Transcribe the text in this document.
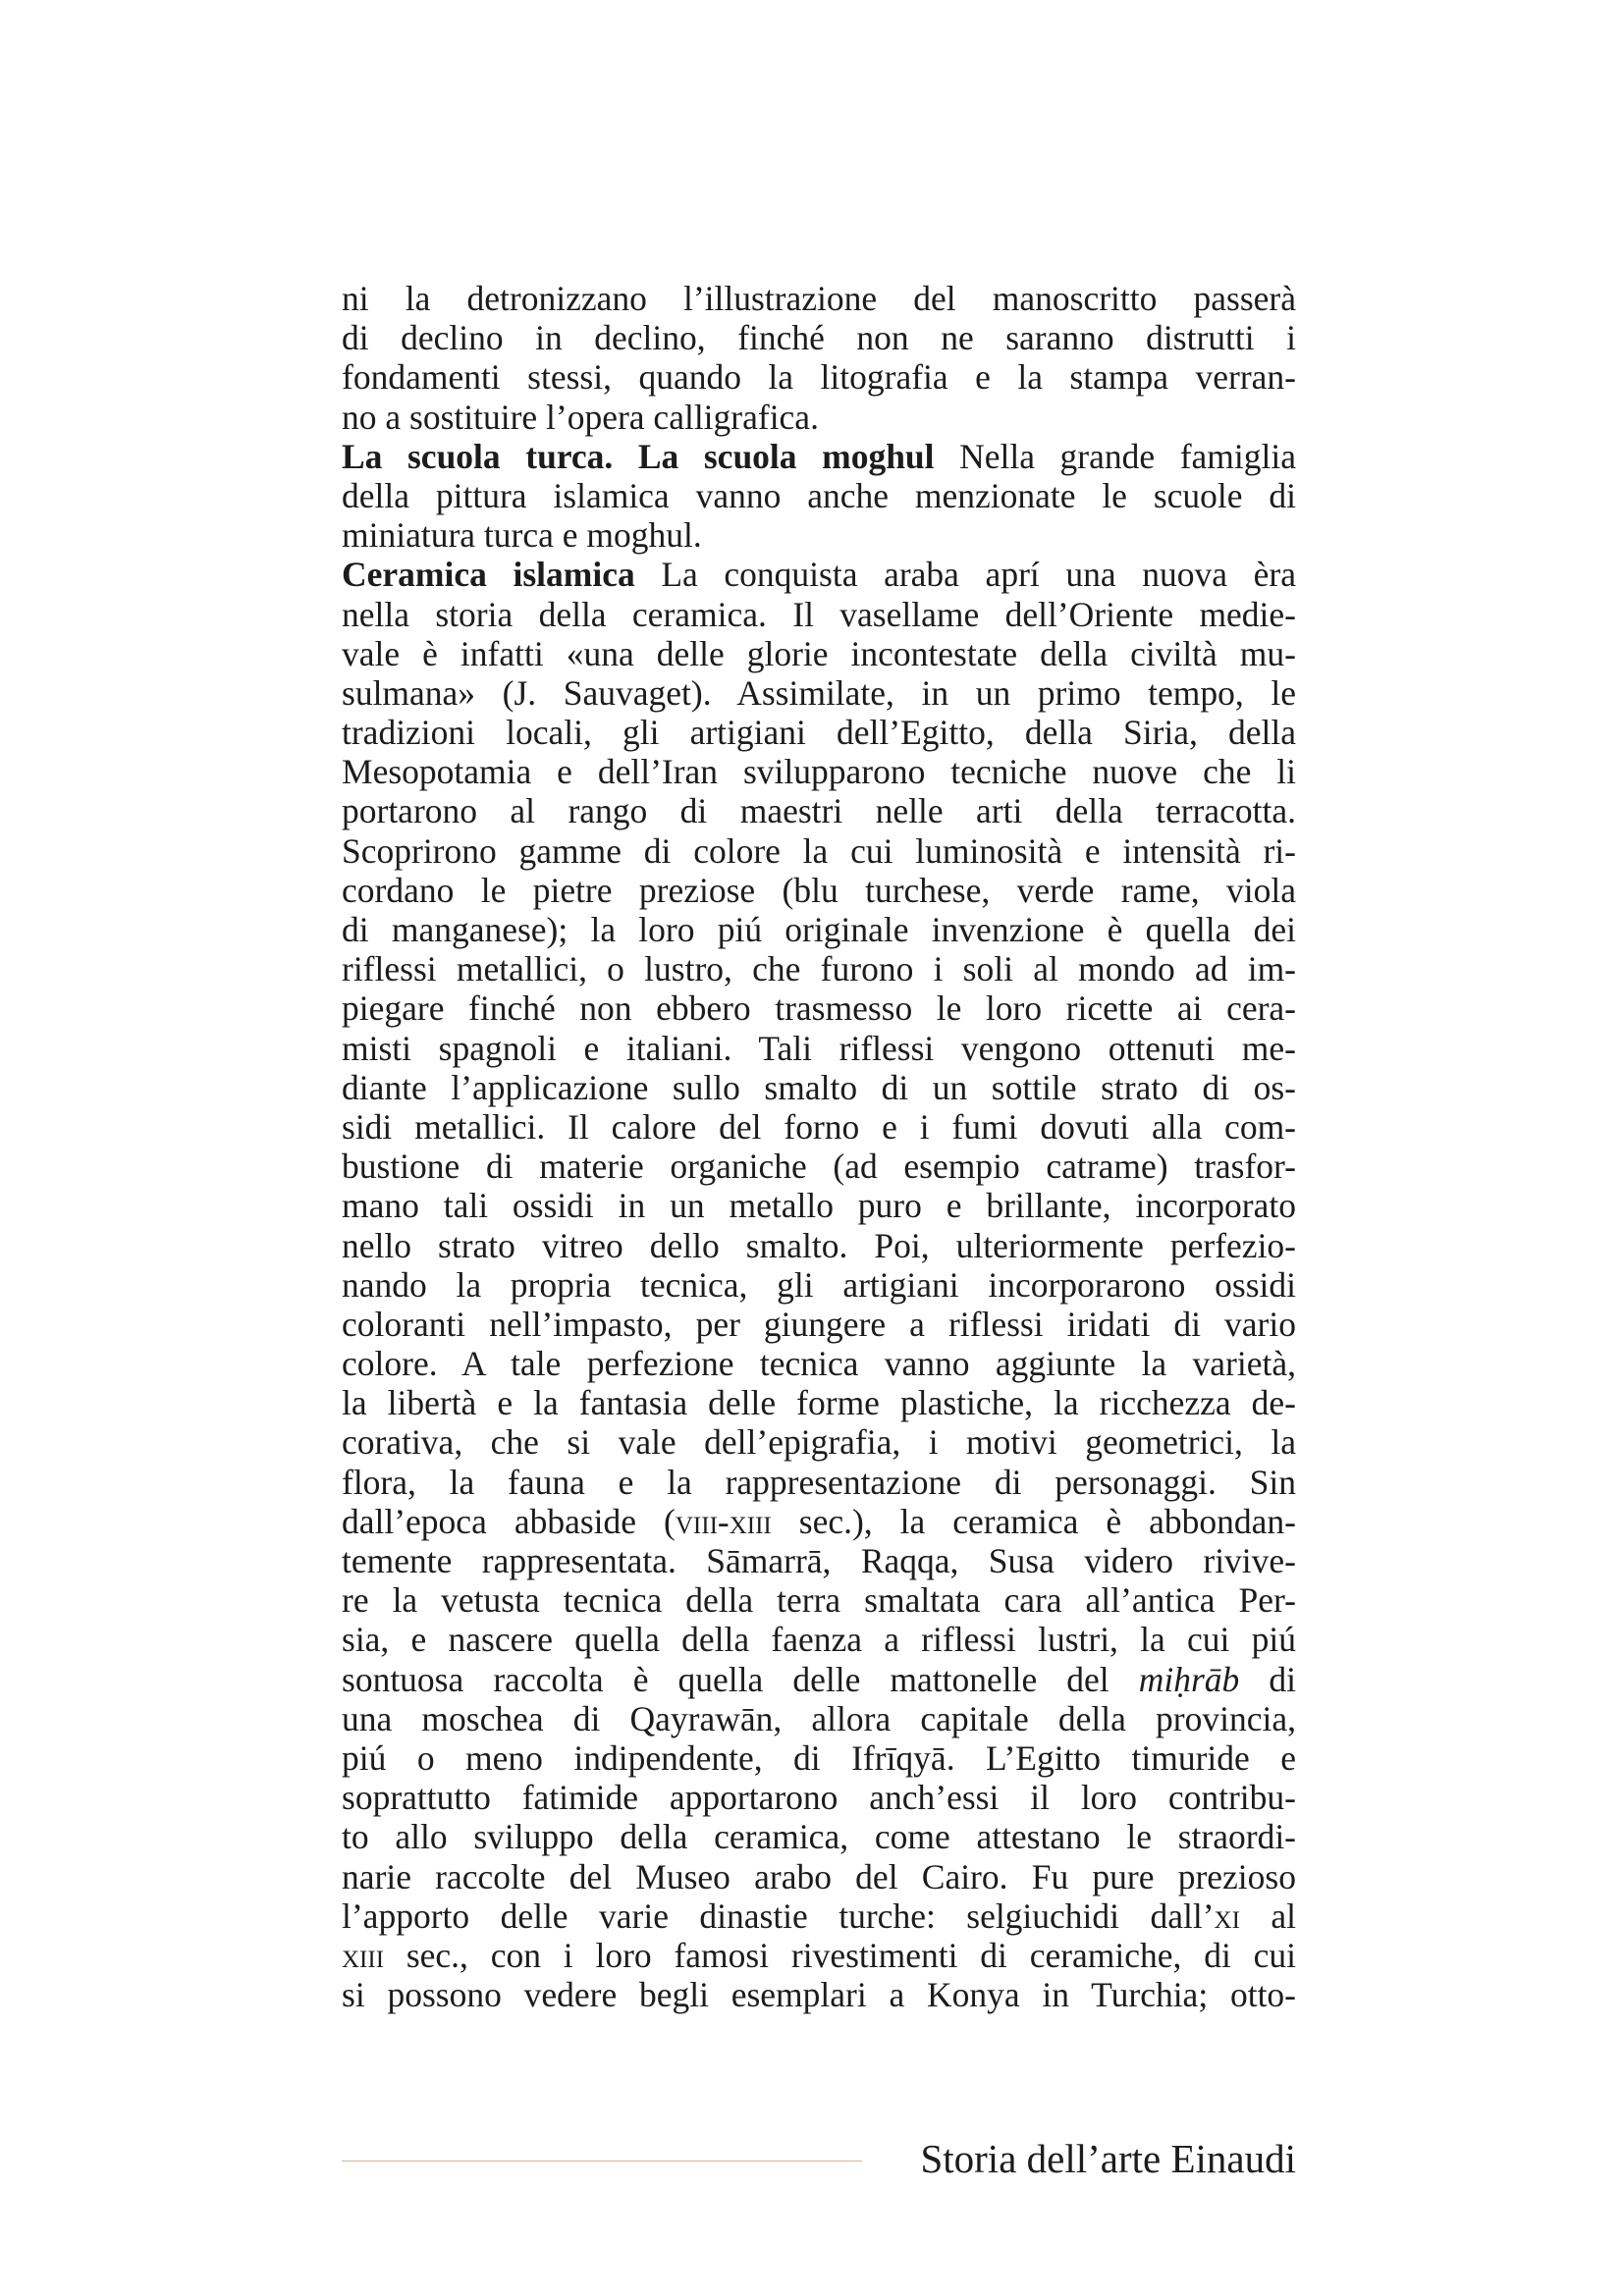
ni la detronizzano l’illustrazione del manoscritto passerà
di declino in declino, finché non ne saranno distrutti i
fondamenti stessi, quando la litografia e la stampa verran-
no a sostituire l’opera calligrafica.
La scuola turca. La scuola moghul Nella grande famiglia
della pittura islamica vanno anche menzionate le scuole di
miniatura turca e moghul.
Ceramica islamica La conquista araba aprí una nuova èra
nella storia della ceramica. Il vasellame dell’Oriente medie-
vale è infatti «una delle glorie incontestate della civiltà mu-
sulmana» (J. Sauvaget). Assimilate, in un primo tempo, le
tradizioni locali, gli artigiani dell’Egitto, della Siria, della
Mesopotamia e dell’Iran svilupparono tecniche nuove che li
portarono al rango di maestri nelle arti della terracotta.
Scoprirono gamme di colore la cui luminosità e intensità ri-
cordano le pietre preziose (blu turchese, verde rame, viola
di manganese); la loro piú originale invenzione è quella dei
riflessi metallici, o lustro, che furono i soli al mondo ad im-
piegare finché non ebbero trasmesso le loro ricette ai cera-
misti spagnoli e italiani. Tali riflessi vengono ottenuti me-
diante l’applicazione sullo smalto di un sottile strato di os-
sidi metallici. Il calore del forno e i fumi dovuti alla com-
bustione di materie organiche (ad esempio catrame) trasfor-
mano tali ossidi in un metallo puro e brillante, incorporato
nello strato vitreo dello smalto. Poi, ulteriormente perfezio-
nando la propria tecnica, gli artigiani incorporarono ossidi
coloranti nell’impasto, per giungere a riflessi iridati di vario
colore. A tale perfezione tecnica vanno aggiunte la varietà,
la libertà e la fantasia delle forme plastiche, la ricchezza de-
corativa, che si vale dell’epigrafia, i motivi geometrici, la
flora, la fauna e la rappresentazione di personaggi. Sin
dall’epoca abbaside (viii-xiii sec.), la ceramica è abbondan-
temente rappresentata. Sāmarrā, Raqqa, Susa videro rivive-
re la vetusta tecnica della terra smaltata cara all’antica Per-
sia, e nascere quella della faenza a riflessi lustri, la cui piú
sontuosa raccolta è quella delle mattonelle del miḥrāb di
una moschea di Qayrawān, allora capitale della provincia,
piú o meno indipendente, di Ifrīqyā. L’Egitto timuride e
soprattutto fatimide apportarono anch’essi il loro contribu-
to allo sviluppo della ceramica, come attestano le straordi-
narie raccolte del Museo arabo del Cairo. Fu pure prezioso
l’apporto delle varie dinastie turche: selgiuchidi dall’xi al
xiii sec., con i loro famosi rivestimenti di ceramiche, di cui
si possono vedere begli esemplari a Konya in Turchia; otto-
Storia dell’arte Einaudi
